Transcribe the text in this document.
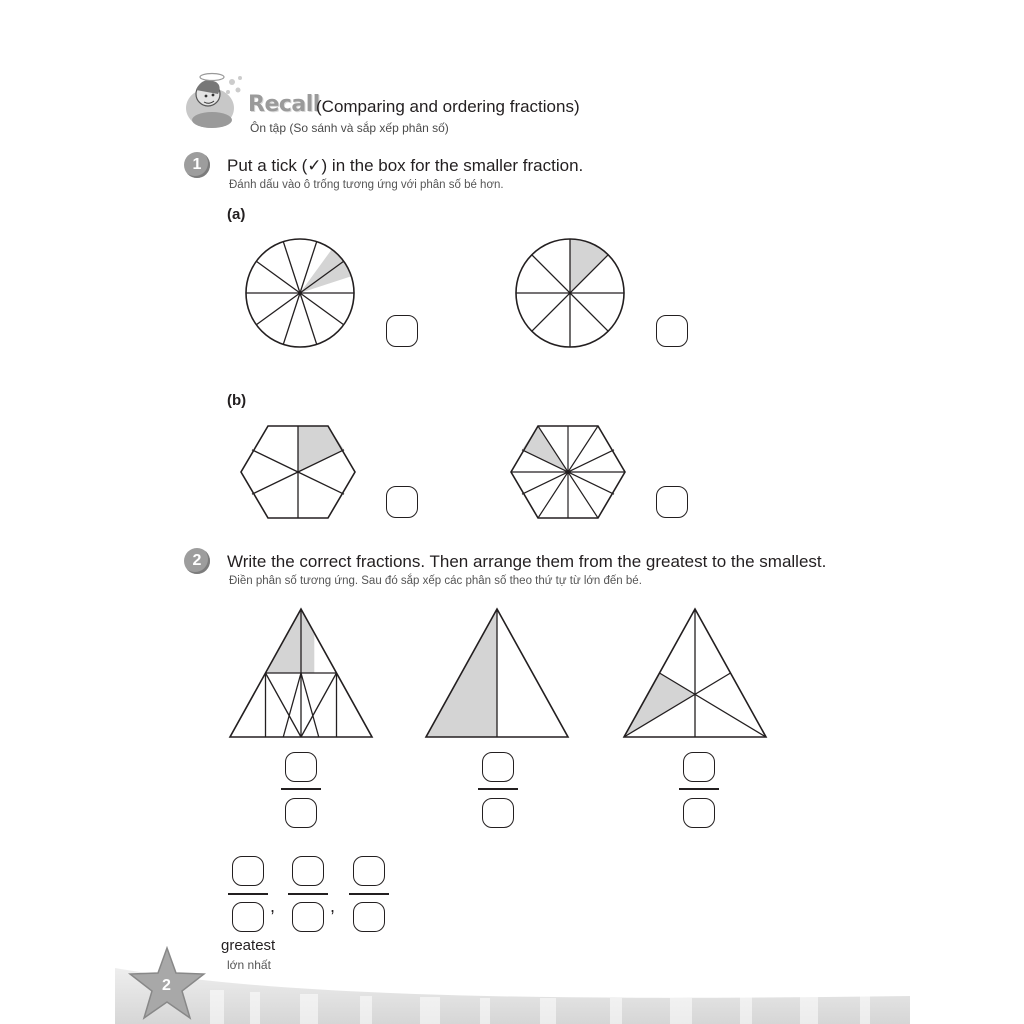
2
Recall
(Comparing and ordering fractions)
Ôn tập (So sánh và sắp xếp phân số)
1 Put a tick (✓) in the box for the smaller fraction.
Đánh dấu vào ô trống tương ứng với phân số bé hơn.
(a)
(b)
2 Write the correct fractions. Then arrange them from the greatest to the smallest.
Điền phân số tương ứng. Sau đó sắp xếp các phân số theo thứ tự từ lớn đến bé.
,	,
greatest
lớn nhất
